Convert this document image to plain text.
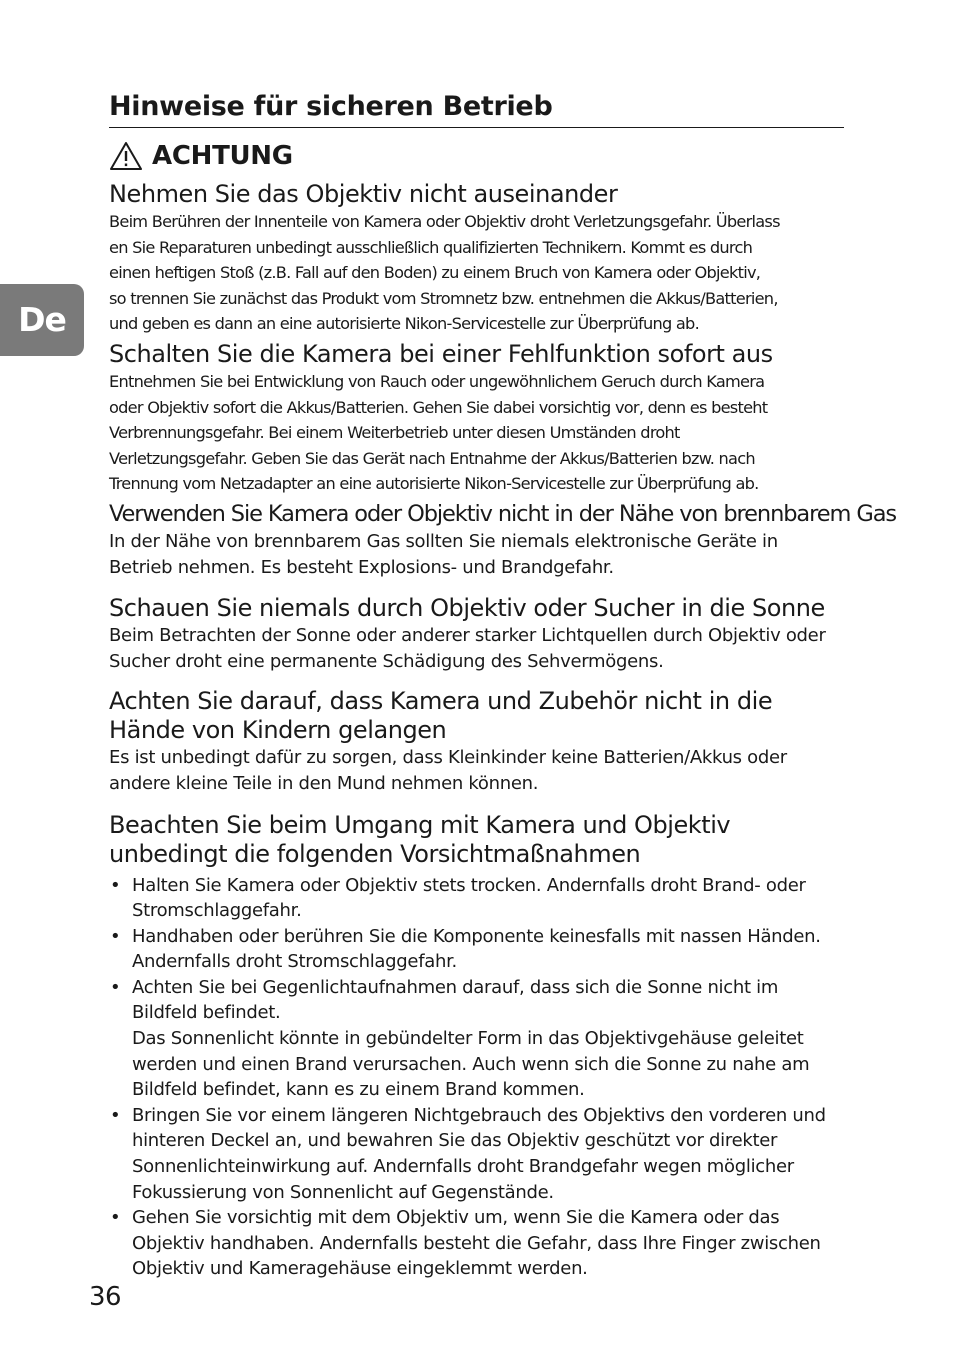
De
Hinweise für sicheren Betrieb
ACHTUNG
Nehmen Sie das Objektiv nicht auseinander

Beim Berühren der Innenteile von Kamera oder Objektiv droht Verletzungsgefahr. Überlass

en Sie Reparaturen unbedingt ausschließlich qualifizierten Technikern. Kommt es durch

einen heftigen Stoß (z.B. Fall auf den Boden) zu einem Bruch von Kamera oder Objektiv,

so trennen Sie zunächst das Produkt vom Stromnetz bzw. entnehmen die Akkus/Batterien,

und geben es dann an eine autorisierte Nikon-Servicestelle zur Überprüfung ab.

Schalten Sie die Kamera bei einer Fehlfunktion sofort aus

Entnehmen Sie bei Entwicklung von Rauch oder ungewöhnlichem Geruch durch Kamera

oder Objektiv sofort die Akkus/Batterien. Gehen Sie dabei vorsichtig vor, denn es besteht

Verbrennungsgefahr. Bei einem Weiterbetrieb unter diesen Umständen droht

Verletzungsgefahr. Geben Sie das Gerät nach Entnahme der Akkus/Batterien bzw. nach

Trennung vom Netzadapter an eine autorisierte Nikon-Servicestelle zur Überprüfung ab.

Verwenden Sie Kamera oder Objektiv nicht in der Nähe von brennbarem Gas

In der Nähe von brennbarem Gas sollten Sie niemals elektronische Geräte in Betrieb nehmen. Es besteht Explosions- und Brandgefahr.

Schauen Sie niemals durch Objektiv oder Sucher in die Sonne

Beim Betrachten der Sonne oder anderer starker Lichtquellen durch Objektiv oder Sucher droht eine permanente Schädigung des Sehvermögens.

Achten Sie darauf, dass Kamera und Zubehör nicht in die Hände von Kindern gelangen

Es ist unbedingt dafür zu sorgen, dass Kleinkinder keine Batterien/Akkus oder andere kleine Teile in den Mund nehmen können.

Beachten Sie beim Umgang mit Kamera und Objektiv unbedingt die folgenden Vorsichtmaßnahmen
• Halten Sie Kamera oder Objektiv stets trocken. Andernfalls droht Brand- oder Stromschlaggefahr.
• Handhaben oder berühren Sie die Komponente keinesfalls mit nassen Händen. Andernfalls droht Stromschlaggefahr.
• Achten Sie bei Gegenlichtaufnahmen darauf, dass sich die Sonne nicht im Bildfeld befindet.
Das Sonnenlicht könnte in gebündelter Form in das Objektivgehäuse geleitet werden und einen Brand verursachen. Auch wenn sich die Sonne zu nahe am Bildfeld befindet, kann es zu einem Brand kommen.
• Bringen Sie vor einem längeren Nichtgebrauch des Objektivs den vorderen und hinteren Deckel an, und bewahren Sie das Objektiv geschützt vor direkter Sonnenlichteinwirkung auf. Andernfalls droht Brandgefahr wegen möglicher Fokussierung von Sonnenlicht auf Gegenstände.
• Gehen Sie vorsichtig mit dem Objektiv um, wenn Sie die Kamera oder das Objektiv handhaben. Andernfalls besteht die Gefahr, dass Ihre Finger zwischen Objektiv und Kameragehäuse eingeklemmt werden.
36
